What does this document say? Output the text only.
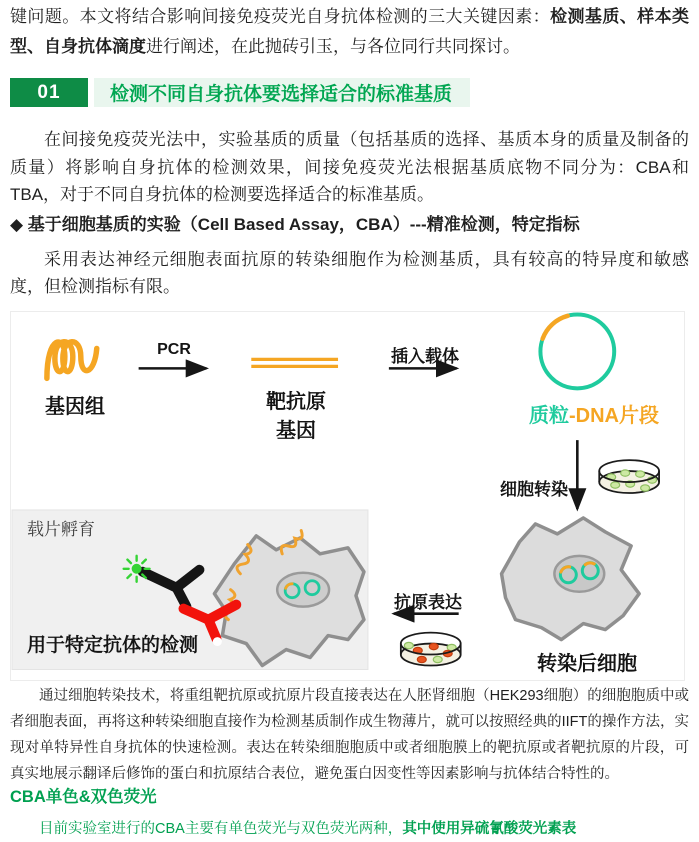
键问题。本文将结合影响间接免疫荧光自身抗体检测的三大关键因素：检测基质、样本类型、自身抗体滴度进行阐述，在此抛砖引玉，与各位同行共同探讨。

01	检测不同自身抗体要选择适合的标准基质

在间接免疫荧光法中，实验基质的质量（包括基质的选择、基质本身的质量及制备的质量）将影响自身抗体的检测效果，间接免疫荧光法根据基质底物不同分为：CBA和TBA，对于不同自身抗体的检测要选择适合的标准基质。

◆ 基于细胞基质的实验（Cell Based Assay，CBA）---精准检测，特定指标

采用表达神经元细胞表面抗原的转染细胞作为检测基质，具有较高的特异度和敏感度，但检测指标有限。

基因组
PCR
靶抗原
基因
插入载体
质粒-DNA片段
细胞转染
转染后细胞
抗原表达
载片孵育
用于特定抗体的检测

通过细胞转染技术，将重组靶抗原或抗原片段直接表达在人胚肾细胞（HEK293细胞）的细胞胞质中或者细胞表面，再将这种转染细胞直接作为检测基质制作成生物薄片，就可以按照经典的IIFT的操作方法，实现对单特异性自身抗体的快速检测。表达在转染细胞胞质中或者细胞膜上的靶抗原或者靶抗原的片段，可真实地展示翻译后修饰的蛋白和抗原结合表位，避免蛋白因变性等因素影响与抗体结合特性的。

CBA单色&双色荧光

目前实验室进行的CBA主要有单色荧光与双色荧光两种，其中使用异硫氰酸荧光素表
